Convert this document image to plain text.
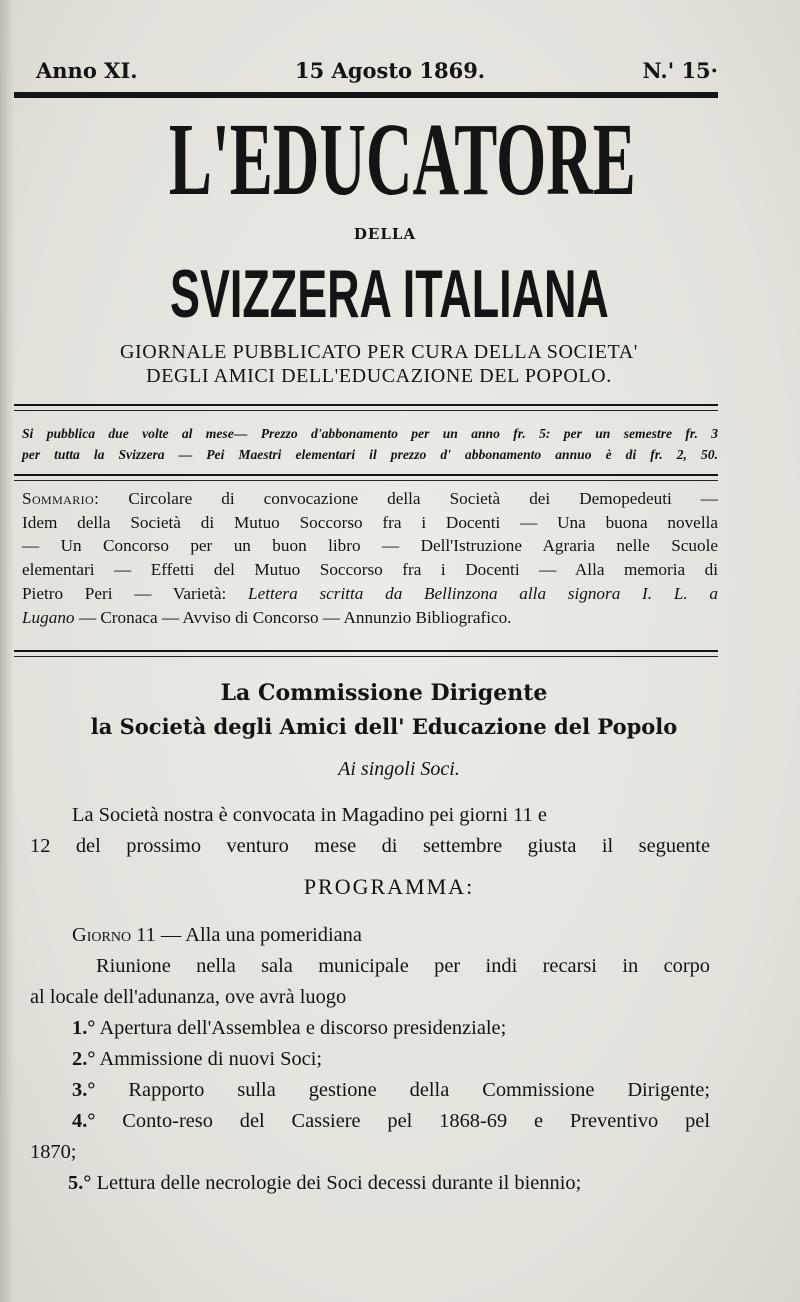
Anno XI.	15 Agosto 1869.	N.' 15·
L'EDUCATORE
DELLA
SVIZZERA ITALIANA
GIORNALE PUBBLICATO PER CURA DELLA SOCIETA'
DEGLI AMICI DELL'EDUCAZIONE DEL POPOLO.
Si pubblica due volte al mese— Prezzo d'abbonamento per un anno fr. 5: per un semestre fr. 3
per tutta la Svizzera — Pei Maestri elementari il prezzo d' abbonamento annuo è di fr. 2, 50.
Sommario: Circolare di convocazione della Società dei Demopedeuti —
Idem della Società di Mutuo Soccorso fra i Docenti — Una buona novella
— Un Concorso per un buon libro — Dell'Istruzione Agraria nelle Scuole
elementari — Effetti del Mutuo Soccorso fra i Docenti — Alla memoria di
Pietro Peri — Varietà: Lettera scritta da Bellinzona alla signora I. L. a
Lugano — Cronaca — Avviso di Concorso — Annunzio Bibliografico.
La Commissione Dirigente
la Società degli Amici dell' Educazione del Popolo
Ai singoli Soci.
La Società nostra è convocata in Magadino pei giorni 11 e
12 del prossimo venturo mese di settembre giusta il seguente
PROGRAMMA:
Giorno 11 — Alla una pomeridiana
Riunione nella sala municipale per indi recarsi in corpo
al locale dell'adunanza, ove avrà luogo
1.° Apertura dell'Assemblea e discorso presidenziale;
2.° Ammissione di nuovi Soci;
3.° Rapporto sulla gestione della Commissione Dirigente;
4.° Conto-reso del Cassiere pel 1868-69 e Preventivo pel
1870;
5.° Lettura delle necrologie dei Soci decessi durante il biennio;
